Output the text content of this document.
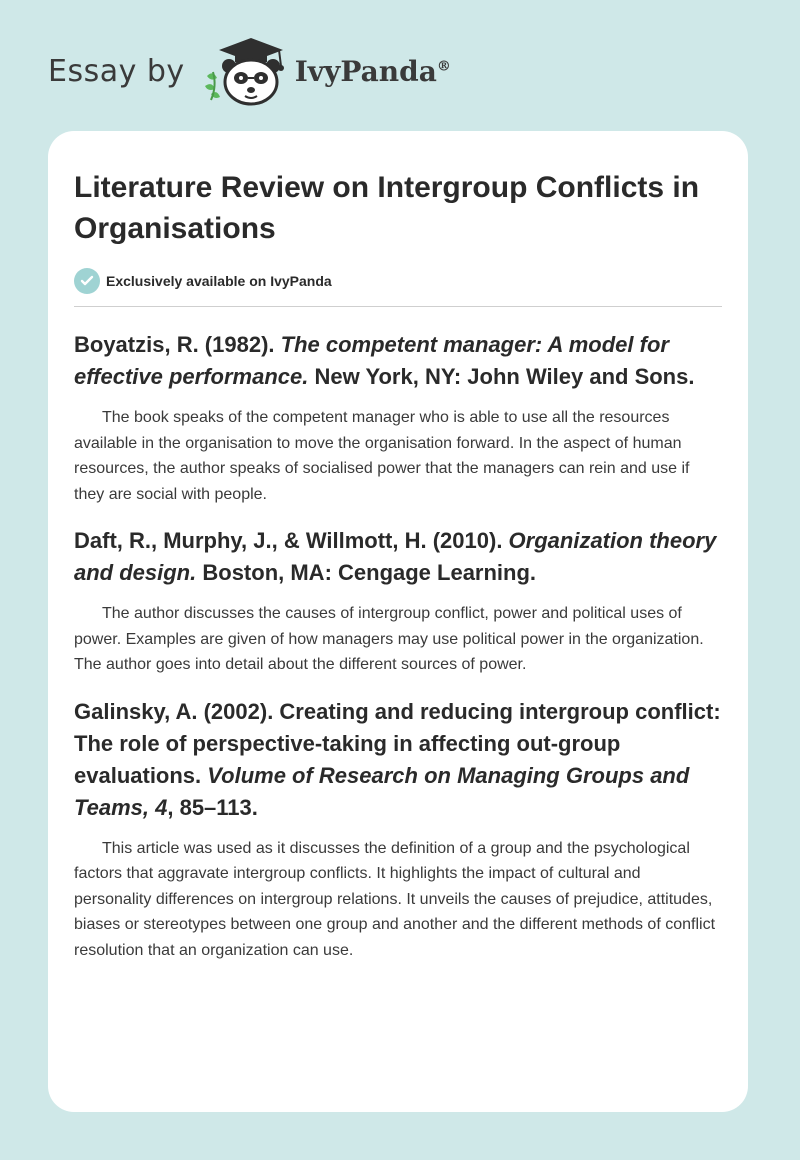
Essay by	IvyPanda®
Literature Review on Intergroup Conflicts in Organisations
Exclusively available on IvyPanda

Boyatzis, R. (1982). The competent manager: A model for effective performance. New York, NY: John Wiley and Sons.

The book speaks of the competent manager who is able to use all the resources available in the organisation to move the organisation forward. In the aspect of human resources, the author speaks of socialised power that the managers can rein and use if they are social with people.

Daft, R., Murphy, J., & Willmott, H. (2010). Organization theory and design. Boston, MA: Cengage Learning.

The author discusses the causes of intergroup conflict, power and political uses of power. Examples are given of how managers may use political power in the organization. The author goes into detail about the different sources of power.

Galinsky, A. (2002). Creating and reducing intergroup conflict: The role of perspective-taking in affecting out-group evaluations. Volume of Research on Managing Groups and Teams, 4, 85–113.

This article was used as it discusses the definition of a group and the psychological factors that aggravate intergroup conflicts. It highlights the impact of cultural and personality differences on intergroup relations. It unveils the causes of prejudice, attitudes, biases or stereotypes between one group and another and the different methods of conflict resolution that an organization can use.
